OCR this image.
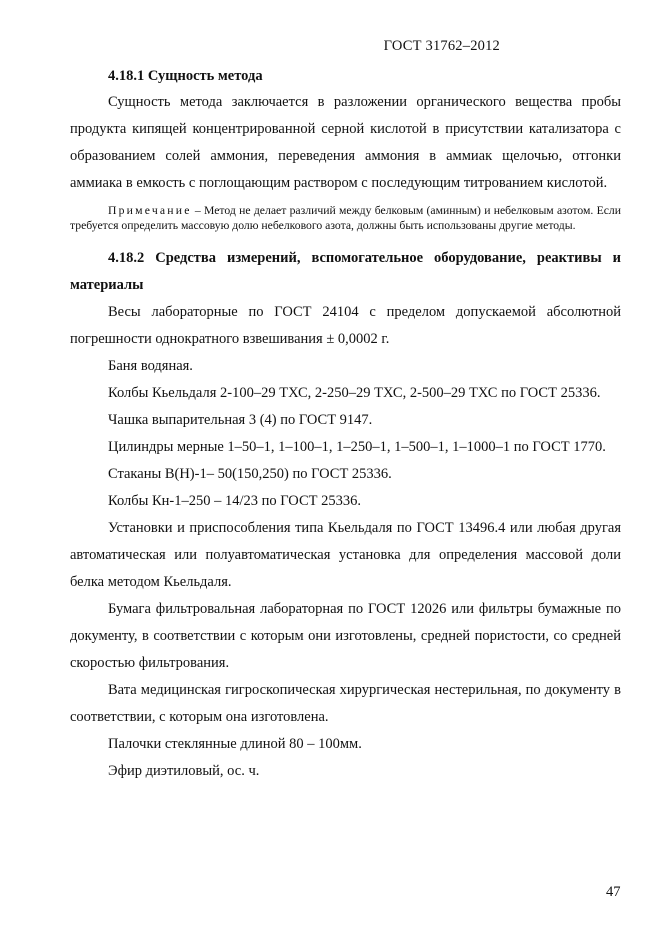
ГОСТ 31762–2012
4.18.1 Сущность метода

Сущность метода заключается в разложении органического вещества пробы продукта кипящей концентрированной серной кислотой в присутствии катализатора с образованием солей аммония, переведения аммония в аммиак щелочью, отгонки аммиака в емкость с поглощающим раствором с последующим титрованием кислотой.

Примечание – Метод не делает различий между белковым (аминным) и небелковым азотом. Если требуется определить массовую долю небелкового азота, должны быть использованы другие методы.

4.18.2 Средства измерений, вспомогательное оборудование, реактивы и материалы

Весы лабораторные по ГОСТ 24104 с пределом допускаемой абсолютной погрешности однократного взвешивания ± 0,0002 г.

Баня водяная.

Колбы Кьельдаля 2-100–29 ТХС, 2-250–29 ТХС, 2-500–29 ТХС по ГОСТ 25336.

Чашка выпарительная 3 (4) по ГОСТ 9147.

Цилиндры мерные 1–50–1, 1–100–1, 1–250–1, 1–500–1, 1–1000–1 по ГОСТ 1770.

Стаканы В(Н)-1– 50(150,250) по ГОСТ 25336.

Колбы Кн-1–250 – 14/23 по ГОСТ 25336.

Установки и приспособления типа Кьельдаля по ГОСТ 13496.4 или любая другая автоматическая или полуавтоматическая установка для определения массовой доли белка методом Кьельдаля.

Бумага фильтровальная лабораторная по ГОСТ 12026 или фильтры бумажные по документу, в соответствии с которым они изготовлены, средней пористости, со средней скоростью фильтрования.

Вата медицинская гигроскопическая хирургическая нестерильная, по документу в соответствии, с которым она изготовлена.

Палочки стеклянные длиной 80 – 100мм.

Эфир диэтиловый, ос. ч.

47
